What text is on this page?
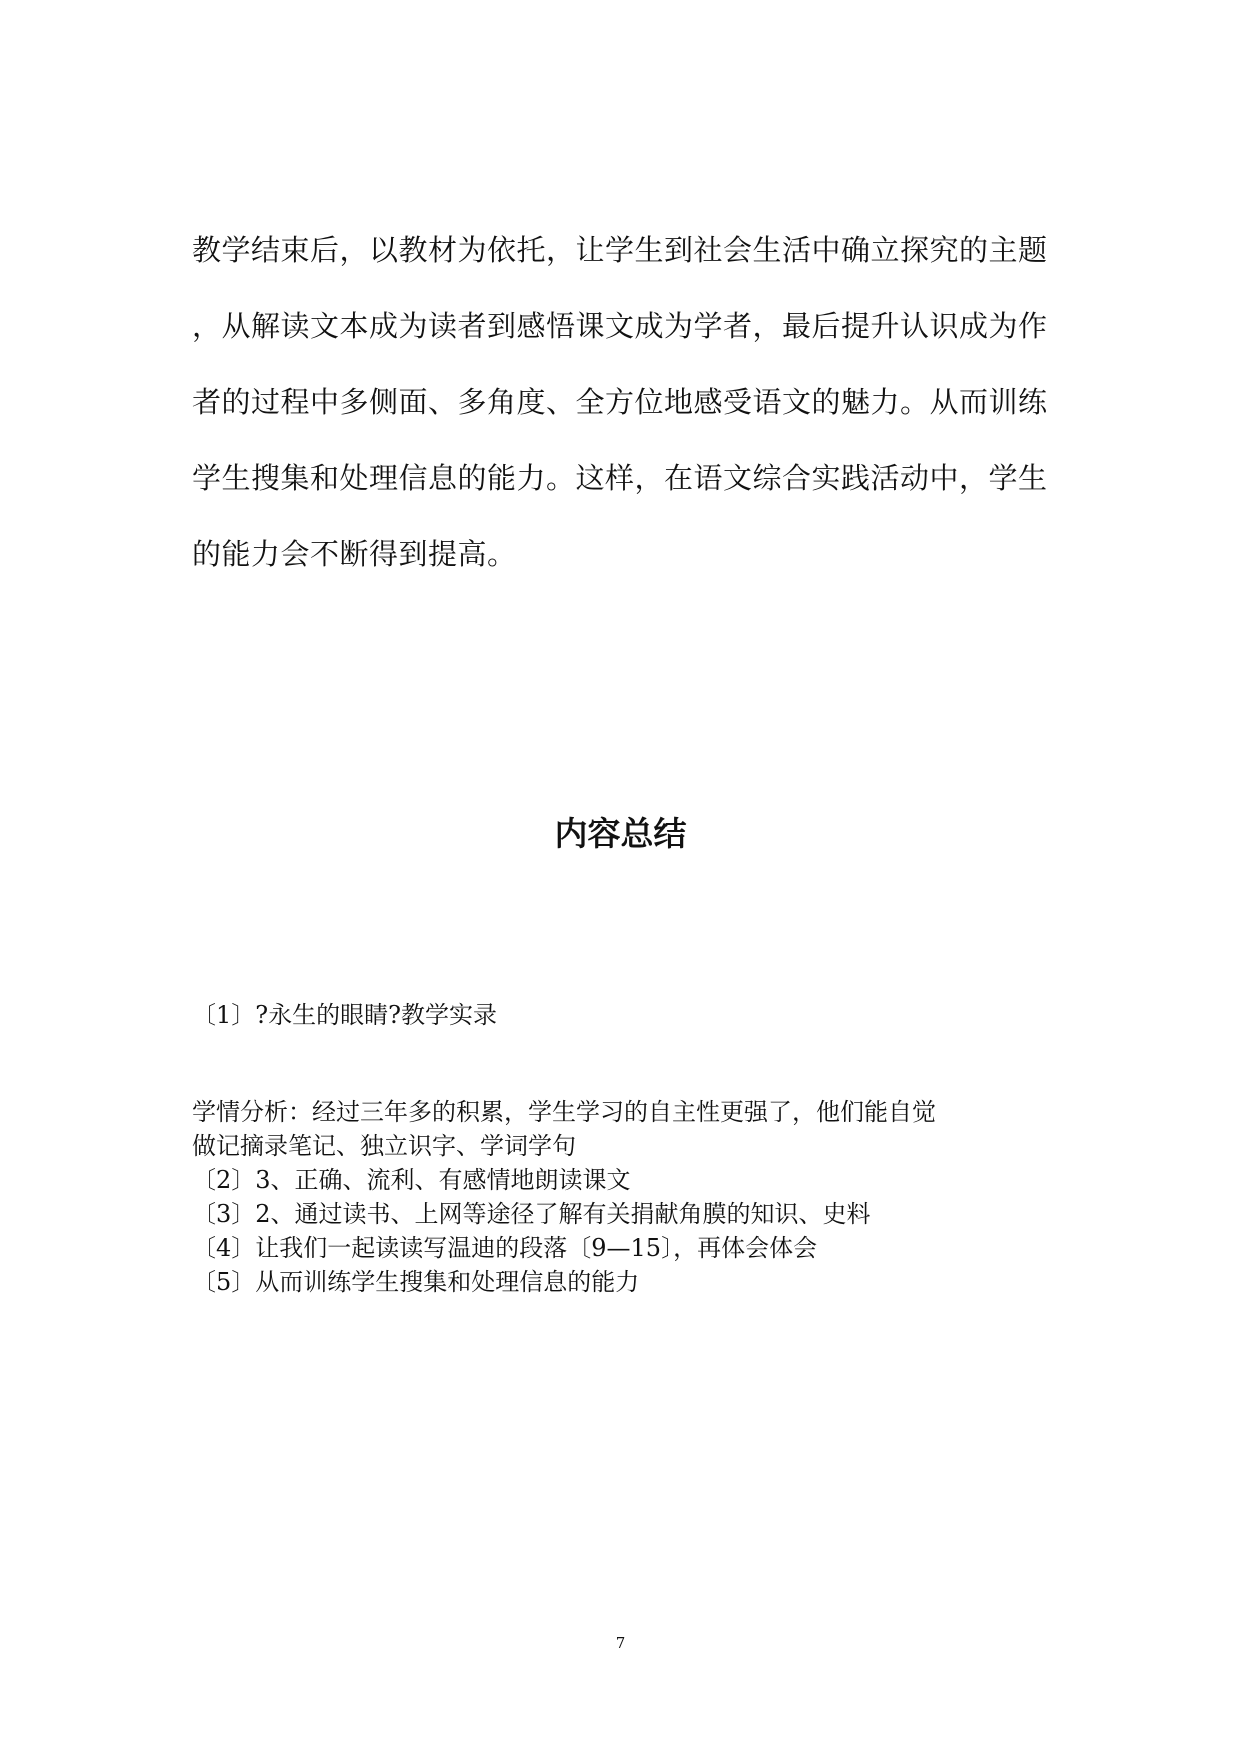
教学结束后，以教材为依托，让学生到社会生活中确立探究的主题
，从解读文本成为读者到感悟课文成为学者，最后提升认识成为作
者的过程中多侧面、多角度、全方位地感受语文的魅力。从而训练
学生搜集和处理信息的能力。这样，在语文综合实践活动中，学生
的能力会不断得到提高。
内容总结
〔1〕?永生的眼睛?教学实录
学情分析：经过三年多的积累，学生学习的自主性更强了，他们能自觉
做记摘录笔记、独立识字、学词学句
〔2〕3、正确、流利、有感情地朗读课文
〔3〕2、通过读书、上网等途径了解有关捐献角膜的知识、史料
〔4〕让我们一起读读写温迪的段落〔9—15〕，再体会体会
〔5〕从而训练学生搜集和处理信息的能力
7
